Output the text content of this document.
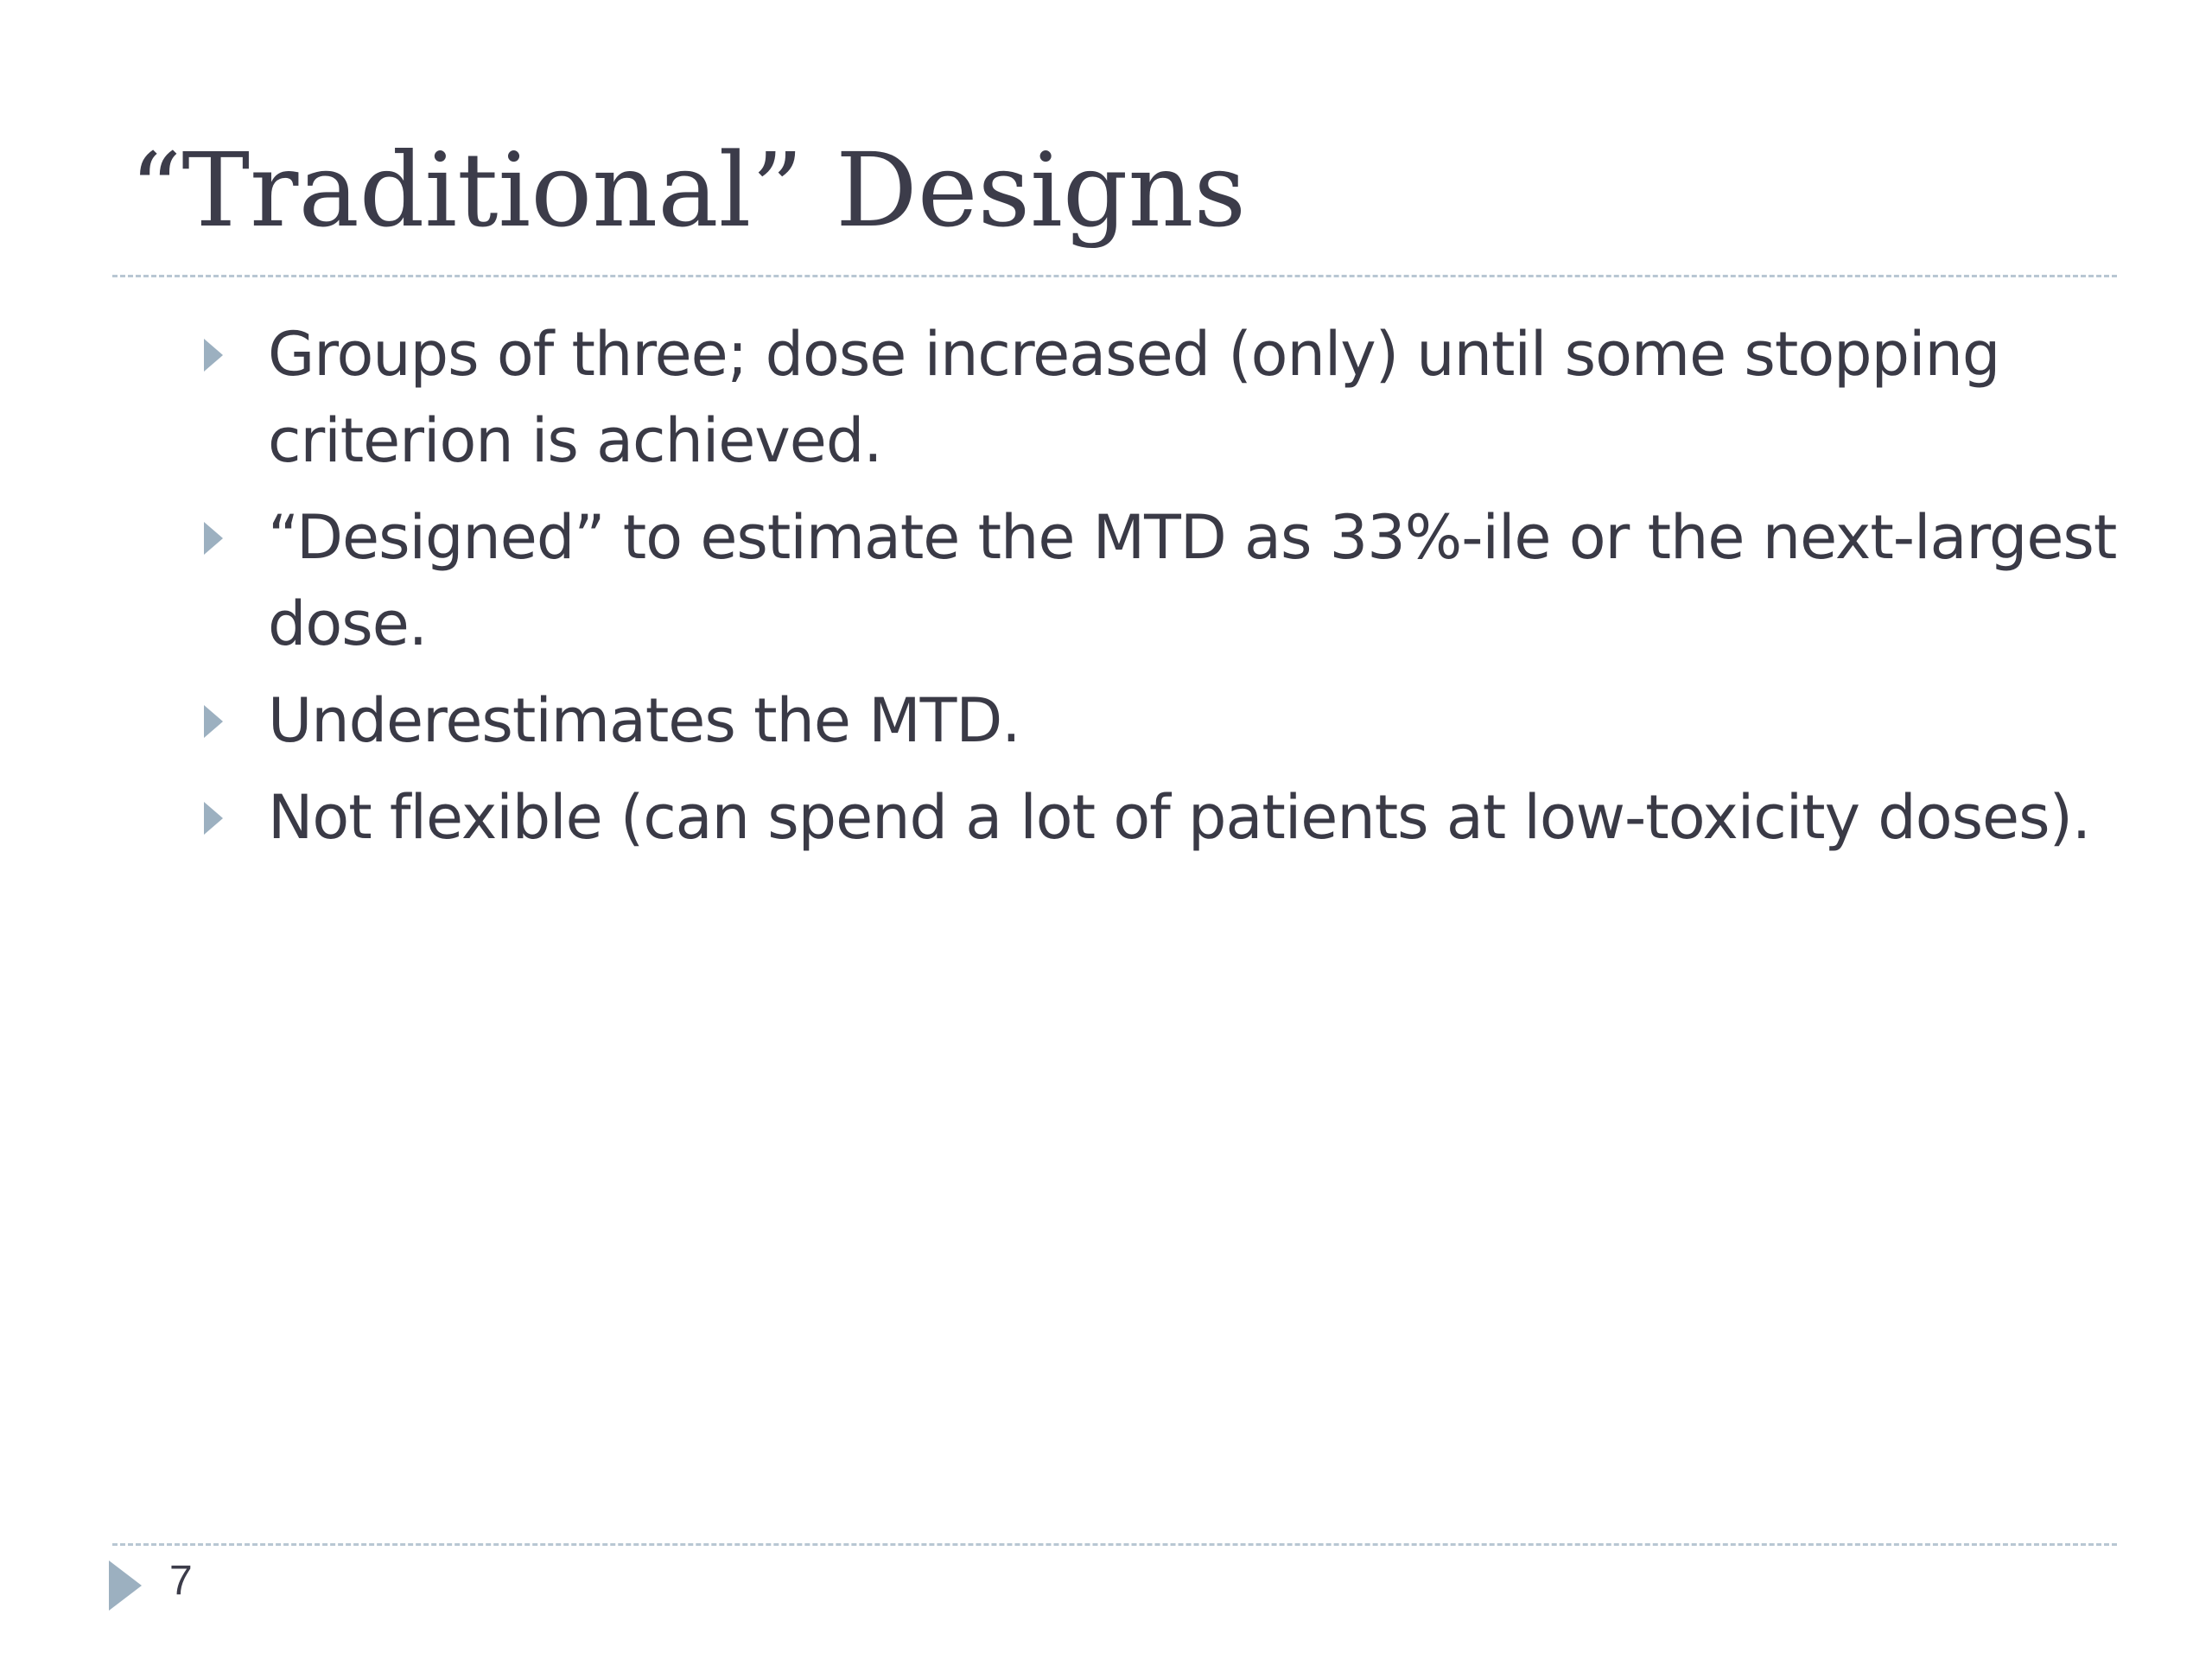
“Traditional” Designs
Groups of three; dose increased (only) until some stopping criterion is achieved.
“Designed” to estimate the MTD as 33%-ile or the next-largest dose.
Underestimates the MTD.
Not flexible (can spend a lot of patients at low-toxicity doses).
7
